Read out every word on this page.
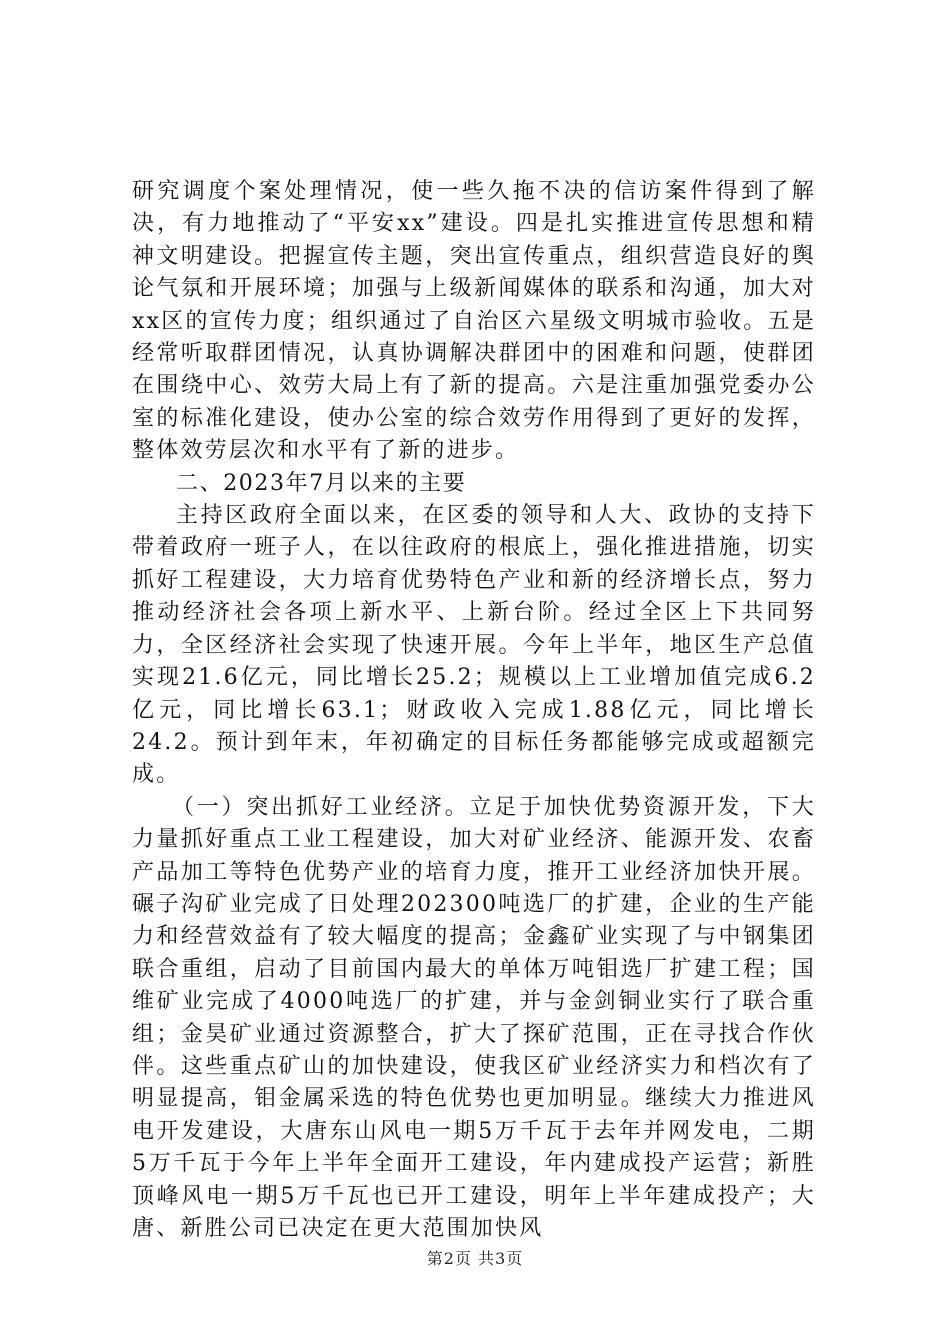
研究调度个案处理情况，使一些久拖不决的信访案件得到了解决，有力地推动了“平安xx”建设。四是扎实推进宣传思想和精神文明建设。把握宣传主题，突出宣传重点，组织营造良好的舆论气氛和开展环境；加强与上级新闻媒体的联系和沟通，加大对xx区的宣传力度；组织通过了自治区六星级文明城市验收。五是经常听取群团情况，认真协调解决群团中的困难和问题，使群团在围绕中心、效劳大局上有了新的提高。六是注重加强党委办公室的标准化建设，使办公室的综合效劳作用得到了更好的发挥，整体效劳层次和水平有了新的进步。

二、2023年7月以来的主要

主持区政府全面以来，在区委的领导和人大、政协的支持下带着政府一班子人，在以往政府的根底上，强化推进措施，切实抓好工程建设，大力培育优势特色产业和新的经济增长点，努力推动经济社会各项上新水平、上新台阶。经过全区上下共同努力，全区经济社会实现了快速开展。今年上半年，地区生产总值实现21.6亿元，同比增长25.2；规模以上工业增加值完成6.2亿元，同比增长63.1；财政收入完成1.88亿元，同比增长24.2。预计到年末，年初确定的目标任务都能够完成或超额完成。

（一）突出抓好工业经济。立足于加快优势资源开发，下大力量抓好重点工业工程建设，加大对矿业经济、能源开发、农畜产品加工等特色优势产业的培育力度，推开工业经济加快开展。碾子沟矿业完成了日处理202300吨选厂的扩建，企业的生产能力和经营效益有了较大幅度的提高；金鑫矿业实现了与中钢集团联合重组，启动了目前国内最大的单体万吨钼选厂扩建工程；国维矿业完成了4000吨选厂的扩建，并与金剑铜业实行了联合重组；金昊矿业通过资源整合，扩大了探矿范围，正在寻找合作伙伴。这些重点矿山的加快建设，使我区矿业经济实力和档次有了明显提高，钼金属采选的特色优势也更加明显。继续大力推进风电开发建设，大唐东山风电一期5万千瓦于去年并网发电，二期5万千瓦于今年上半年全面开工建设，年内建成投产运营；新胜顶峰风电一期5万千瓦也已开工建设，明年上半年建成投产；大唐、新胜公司已决定在更大范围加快风

第2页 共3页
